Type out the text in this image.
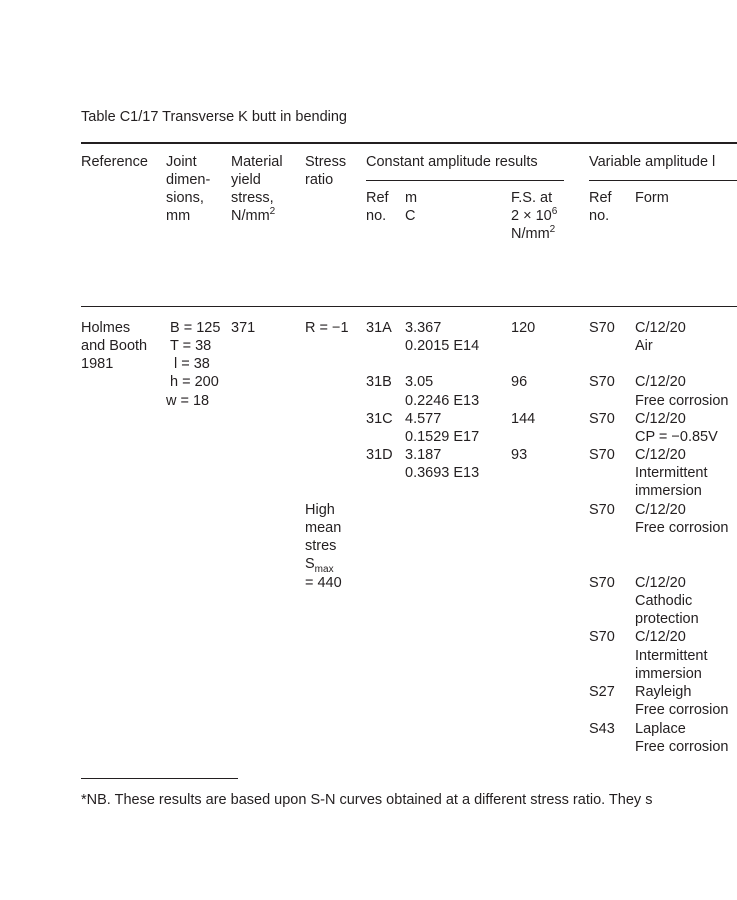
Table C1/17 Transverse K butt in bending
Reference Joint
dimen-
sions,
mm
Material
yield
stress,
$N/mm^2$
Stress
ratio
Constant amplitude results	Variable amplitude l
Ref
no.
m
C
F.S. at
$2 \times 10^6$
$N/mm^2$
Ref
no.
Form
Holmes
and Booth
1981
B = 125
T = 38
l = 38
h = 200
w = 18
371	R = −1
High
mean
stres
$S_{max}$
= 440
31A 3.367
0.2015 E14
120
31B 3.05
0.2246 E13
96
31C 4.577
0.1529 E17
144
31D 3.187
0.3693 E13
93
S70 C/12/20
Air
S70 C/12/20
Free corrosion
S70 C/12/20
CP = −0.85V
S70 C/12/20
Intermittent
immersion
S70 C/12/20
Free corrosion
S70 C/12/20
Cathodic
protection
S70 C/12/20
Intermittent
immersion
S27 Rayleigh
Free corrosion
S43 Laplace
Free corrosion
*NB. These results are based upon S-N curves obtained at a different stress ratio. They s
